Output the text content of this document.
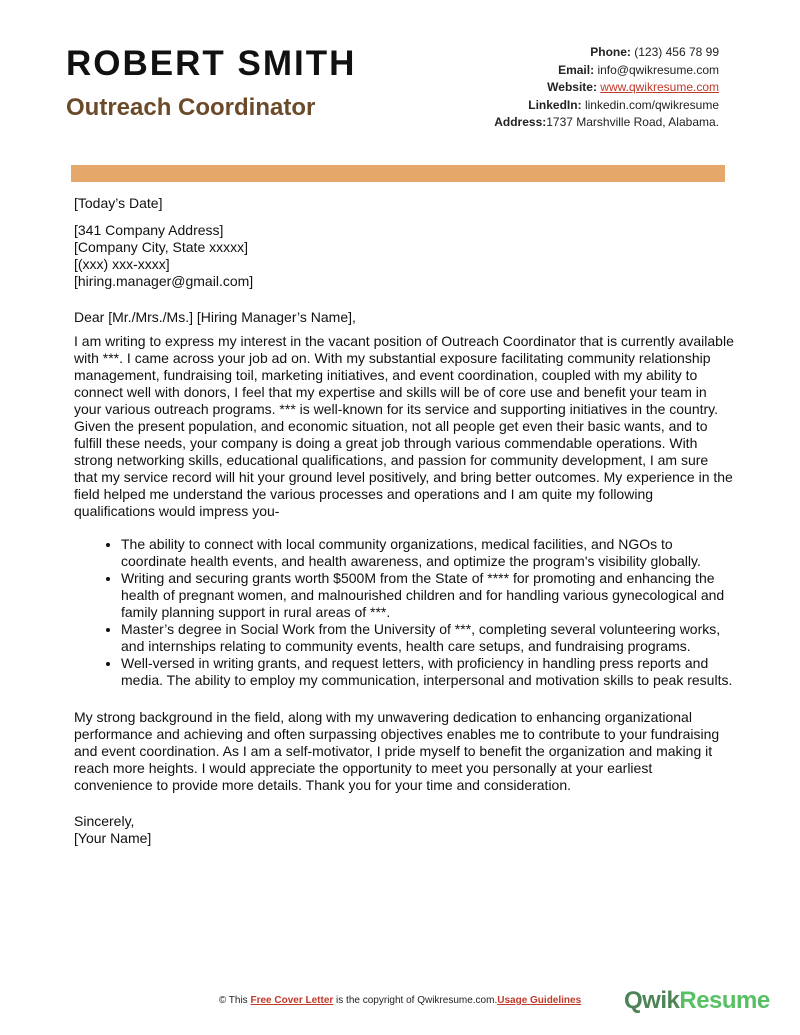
ROBERT SMITH
Outreach Coordinator
Phone: (123) 456 78 99
Email: info@qwikresume.com
Website: www.qwikresume.com
LinkedIn: linkedin.com/qwikresume
Address:1737 Marshville Road, Alabama.

[Today’s Date]

[341 Company Address]

[Company City, State xxxxx]

[(xxx) xxx-xxxx]

[hiring.manager@gmail.com]

Dear [Mr./Mrs./Ms.] [Hiring Manager’s Name],

I am writing to express my interest in the vacant position of Outreach Coordinator that is currently available with ***. I came across your job ad on. With my substantial exposure facilitating community relationship management, fundraising toil, marketing initiatives, and event coordination, coupled with my ability to connect well with donors, I feel that my expertise and skills will be of core use and benefit your team in your various outreach programs. *** is well-known for its service and supporting initiatives in the country. Given the present population, and economic situation, not all people get even their basic wants, and to fulfill these needs, your company is doing a great job through various commendable operations. With strong networking skills, educational qualifications, and passion for community development, I am sure that my service record will hit your ground level positively, and bring better outcomes. My experience in the field helped me understand the various processes and operations and I am quite my following qualifications would impress you-

• The ability to connect with local community organizations, medical facilities, and NGOs to coordinate health events, and health awareness, and optimize the program's visibility globally.
• Writing and securing grants worth $500M from the State of **** for promoting and enhancing the health of pregnant women, and malnourished children and for handling various gynecological and family planning support in rural areas of ***.
• Master’s degree in Social Work from the University of ***, completing several volunteering works, and internships relating to community events, health care setups, and fundraising programs.
• Well-versed in writing grants, and request letters, with proficiency in handling press reports and media. The ability to employ my communication, interpersonal and motivation skills to peak results.

My strong background in the field, along with my unwavering dedication to enhancing organizational performance and achieving and often surpassing objectives enables me to contribute to your fundraising and event coordination. As I am a self-motivator, I pride myself to benefit the organization and making it reach more heights. I would appreciate the opportunity to meet you personally at your earliest convenience to provide more details. Thank you for your time and consideration.

Sincerely,

[Your Name]

© This Free Cover Letter is the copyright of Qwikresume.com.Usage Guidelines	QwikResume
